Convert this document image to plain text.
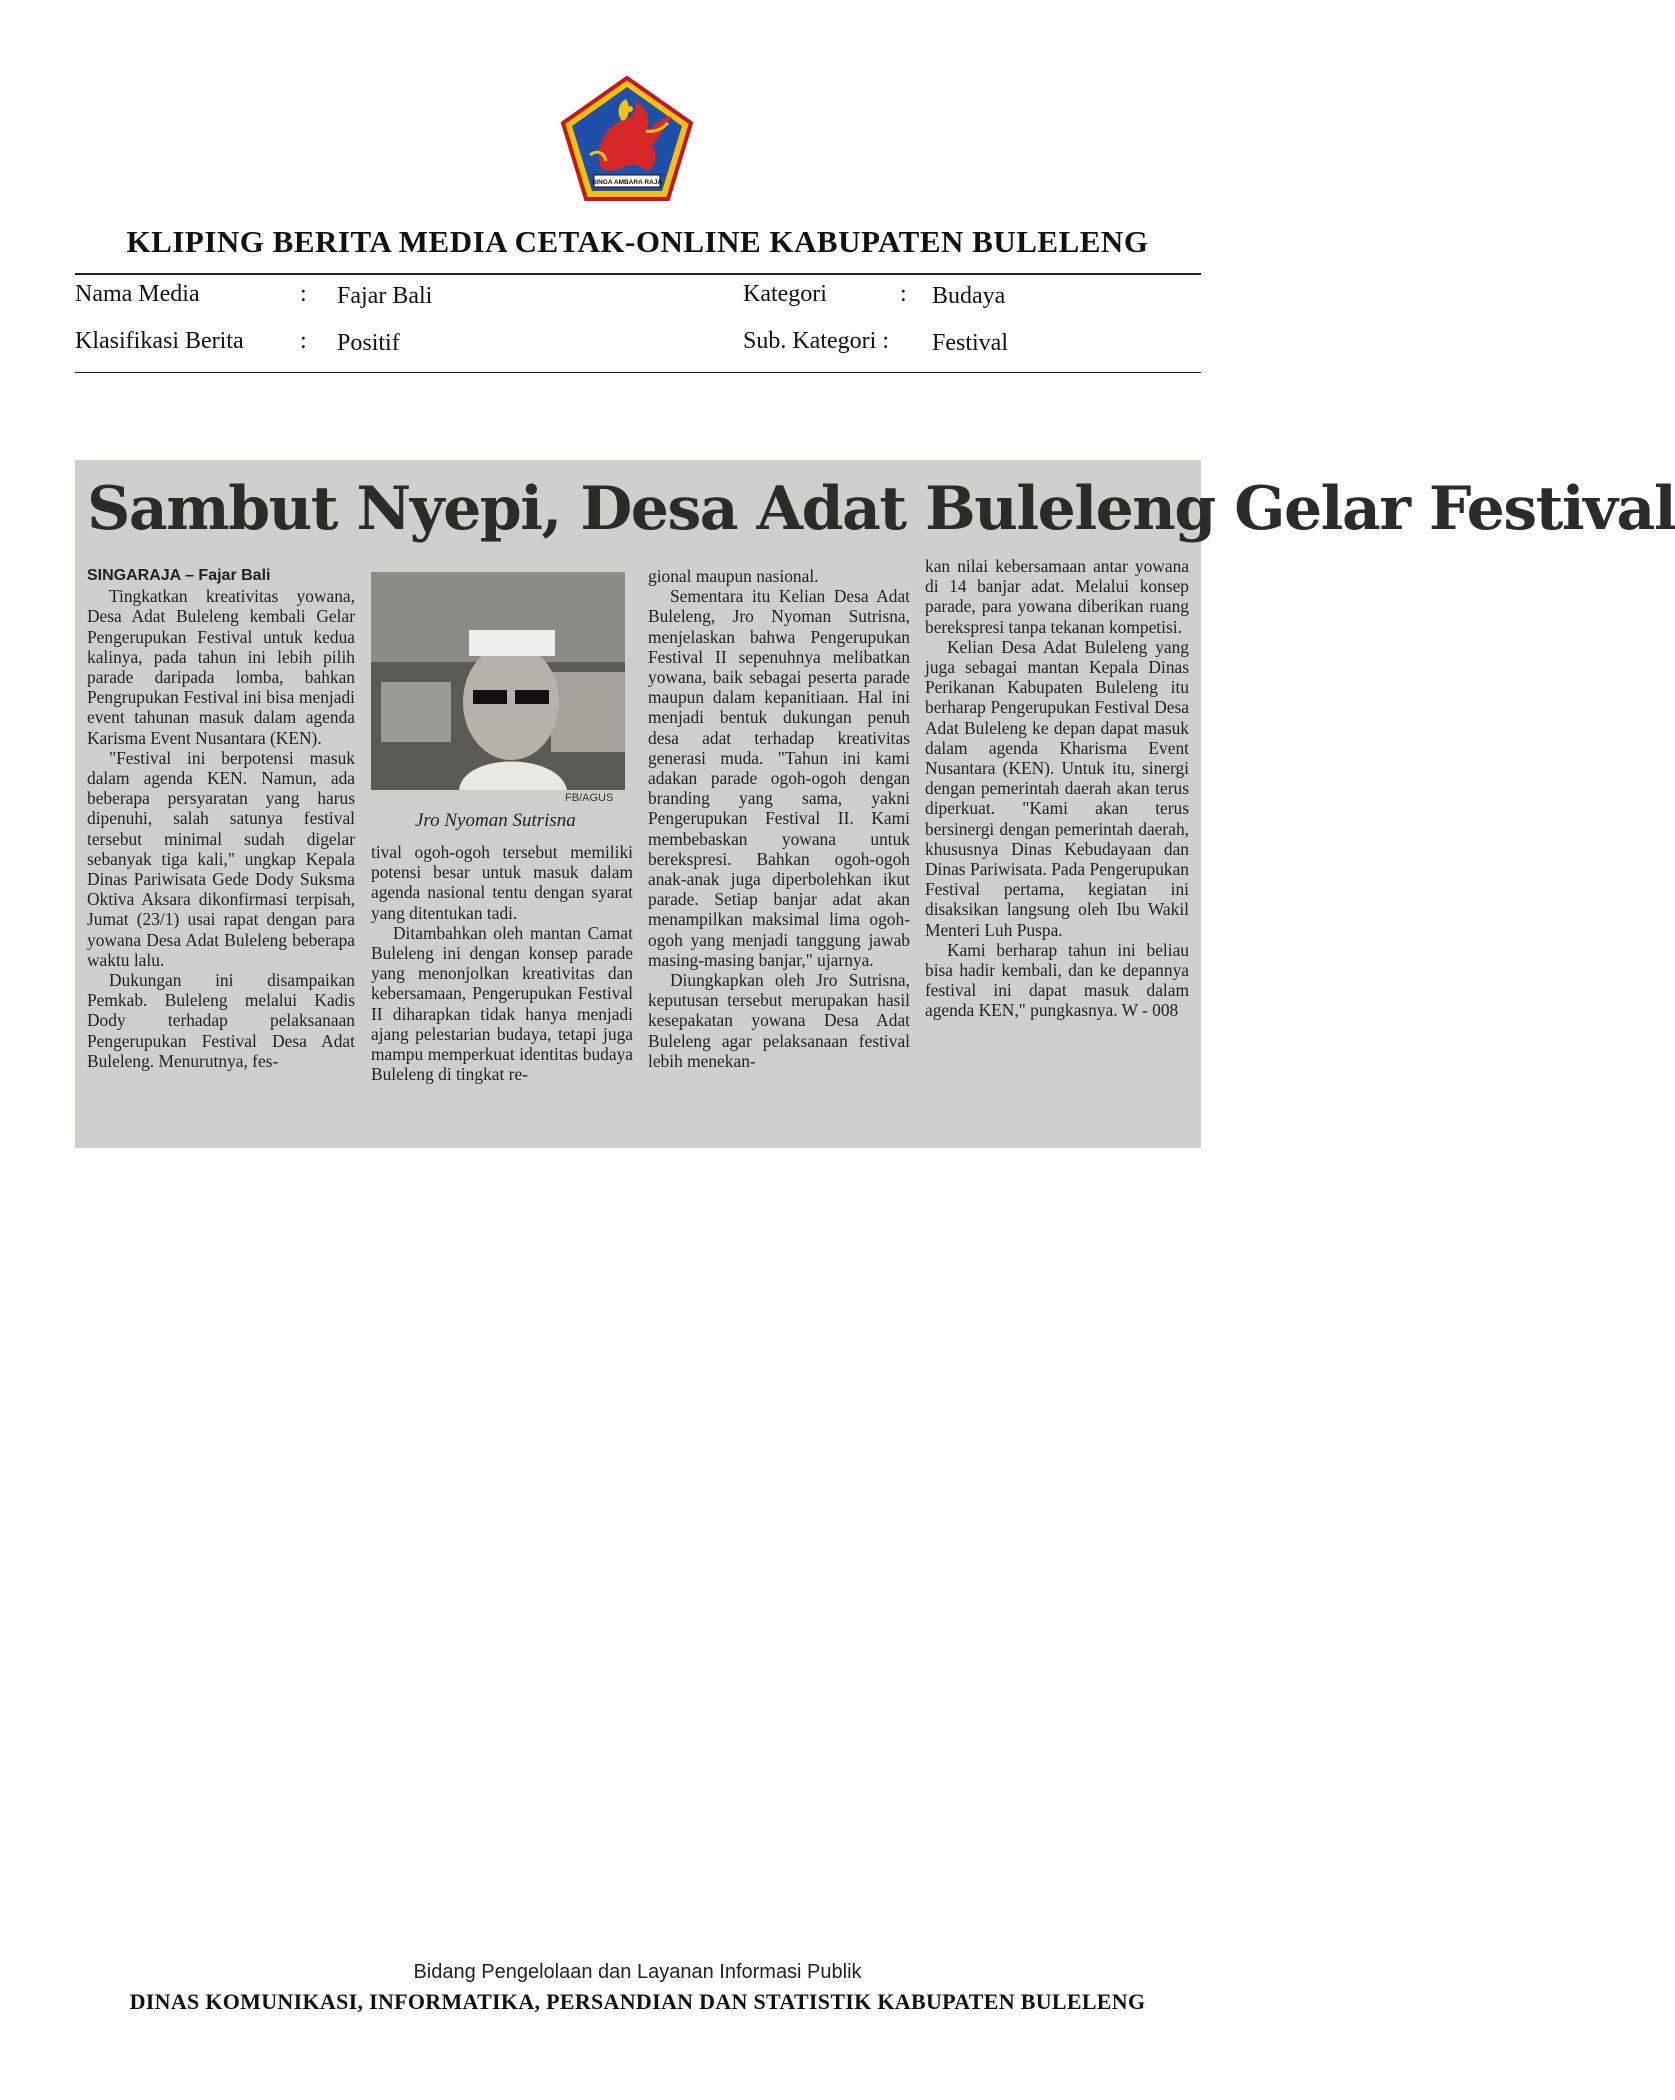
SINGA AMBARA RAJA
KLIPING BERITA MEDIA CETAK-ONLINE KABUPATEN BULELENG
Nama Media	: Fajar Bali	Kategori	: Budaya
Klasifikasi Berita : Positif	Sub. Kategori : Festival
Sambut Nyepi, Desa Adat Buleleng Gelar Festival
SINGARAJA – Fajar Bali

Tingkatkan kreativitas yowana, Desa Adat Buleleng kembali Gelar Pengerupukan Festival untuk kedua kalinya, pada tahun ini lebih pilih parade daripada lomba, bahkan Pengrupukan Festival ini bisa menjadi event tahunan masuk dalam agenda Karisma Event Nusantara (KEN).

"Festival ini berpotensi masuk dalam agenda KEN. Namun, ada beberapa persyaratan yang harus dipenuhi, salah satunya festival tersebut minimal sudah digelar sebanyak tiga kali," ungkap Kepala Dinas Pariwisata Gede Dody Suksma Oktiva Aksara dikonfirmasi terpisah, Jumat (23/1) usai rapat dengan para yowana Desa Adat Buleleng beberapa waktu lalu.

Dukungan ini disampaikan Pemkab. Buleleng melalui Kadis Dody terhadap pelaksanaan Pengerupukan Festival Desa Adat Buleleng. Menurutnya, fes-

FB/AGUS
Jro Nyoman Sutrisna

tival ogoh-ogoh tersebut memiliki potensi besar untuk masuk dalam agenda nasional tentu dengan syarat yang ditentukan tadi.

Ditambahkan oleh mantan Camat Buleleng ini dengan konsep parade yang menonjolkan kreativitas dan kebersamaan, Pengerupukan Festival II diharapkan tidak hanya menjadi ajang pelestarian budaya, tetapi juga mampu memperkuat identitas budaya Buleleng di tingkat re-

gional maupun nasional.

Sementara itu Kelian Desa Adat Buleleng, Jro Nyoman Sutrisna, menjelaskan bahwa Pengerupukan Festival II sepenuhnya melibatkan yowana, baik sebagai peserta parade maupun dalam kepanitiaan. Hal ini menjadi bentuk dukungan penuh desa adat terhadap kreativitas generasi muda. "Tahun ini kami adakan parade ogoh-ogoh dengan branding yang sama, yakni Pengerupukan Festival II. Kami membebaskan yowana untuk berekspresi. Bahkan ogoh-ogoh anak-anak juga diperbolehkan ikut parade. Setiap banjar adat akan menampilkan maksimal lima ogoh-ogoh yang menjadi tanggung jawab masing-masing banjar," ujarnya.

Diungkapkan oleh Jro Sutrisna, keputusan tersebut merupakan hasil kesepakatan yowana Desa Adat Buleleng agar pelaksanaan festival lebih menekan-

kan nilai kebersamaan antar yowana di 14 banjar adat. Melalui konsep parade, para yowana diberikan ruang berekspresi tanpa tekanan kompetisi.

Kelian Desa Adat Buleleng yang juga sebagai mantan Kepala Dinas Perikanan Kabupaten Buleleng itu berharap Pengerupukan Festival Desa Adat Buleleng ke depan dapat masuk dalam agenda Kharisma Event Nusantara (KEN). Untuk itu, sinergi dengan pemerintah daerah akan terus diperkuat. "Kami akan terus bersinergi dengan pemerintah daerah, khususnya Dinas Kebudayaan dan Dinas Pariwisata. Pada Pengerupukan Festival pertama, kegiatan ini disaksikan langsung oleh Ibu Wakil Menteri Luh Puspa.

Kami berharap tahun ini beliau bisa hadir kembali, dan ke depannya festival ini dapat masuk dalam agenda KEN," pungkasnya. W - 008

Bidang Pengelolaan dan Layanan Informasi Publik
DINAS KOMUNIKASI, INFORMATIKA, PERSANDIAN DAN STATISTIK KABUPATEN BULELENG
